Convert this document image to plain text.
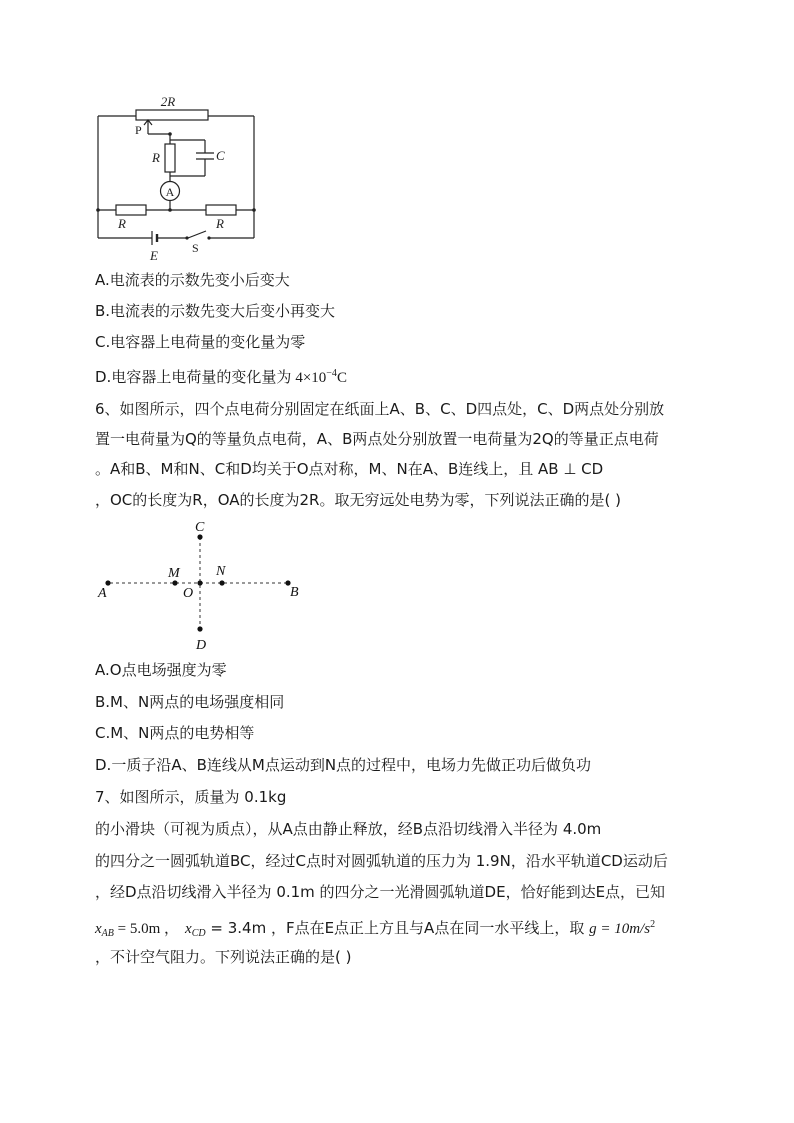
2R
P
R	C
A
R	R
S
E
A.电流表的示数先变小后变大
B.电流表的示数先变大后变小再变大
C.电容器上电荷量的变化量为零
D.电容器上电荷量的变化量为 $4\times 10^{-4}C$
6、如图所示，四个点电荷分别固定在纸面上A、B、C、D四点处，C、D两点处分别放
置一电荷量为Q的等量负点电荷，A、B两点处分别放置一电荷量为2Q的等量正点电荷
。A和B、M和N、C和D均关于O点对称，M、N在A、B连线上，且 AB ⊥ CD
，OC的长度为R，OA的长度为2R。取无穷远处电势为零，下列说法正确的是( )
C
M	N
A	O	B
D
A.O点电场强度为零
B.M、N两点的电场强度相同
C.M、N两点的电势相等
D.一质子沿A、B连线从M点运动到N点的过程中，电场力先做正功后做负功
7、如图所示，质量为 0.1kg
的小滑块（可视为质点），从A点由静止释放，经B点沿切线滑入半径为 4.0m
的四分之一圆弧轨道BC，经过C点时对圆弧轨道的压力为 1.9N，沿水平轨道CD运动后
，经D点沿切线滑入半径为 0.1m 的四分之一光滑圆弧轨道DE，恰好能到达E点，已知
$x_{AB} = 5.0m$ ， $x_{CD} = 3.4m$ ，F点在E点正上方且与A点在同一水平线上，取 $g = 10m/s^2$
，不计空气阻力。下列说法正确的是( )
